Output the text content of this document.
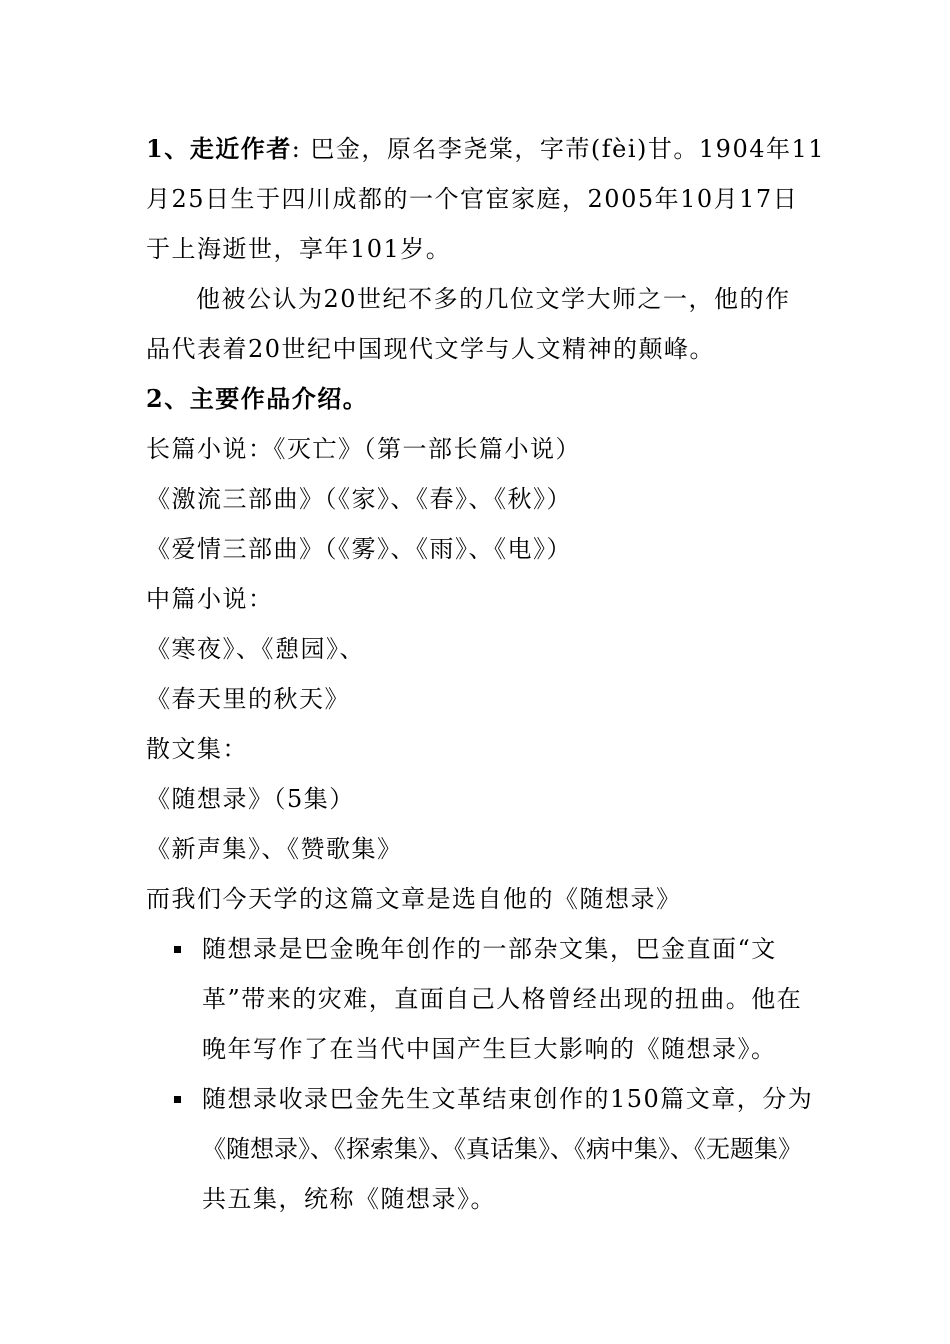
1、走近作者: 巴金，原名李尧棠，字芾(fèi)甘。1904年11
月25日生于四川成都的一个官宦家庭，2005年10月17日
于上海逝世，享年101岁。
他被公认为20世纪不多的几位文学大师之一，他的作
品代表着20世纪中国现代文学与人文精神的颠峰。
2、主要作品介绍。
长篇小说：《灭亡》（第一部长篇小说）
《激流三部曲》（《家》、《春》、《秋》）
《爱情三部曲》（《雾》、《雨》、《电》）
中篇小说：
《寒夜》、《憩园》、
《春天里的秋天》
散文集：
《随想录》（5集）
《新声集》、《赞歌集》
而我们今天学的这篇文章是选自他的《随想录》
随想录是巴金晚年创作的一部杂文集，巴金直面“文
革”带来的灾难，直面自己人格曾经出现的扭曲。他在
晚年写作了在当代中国产生巨大影响的《随想录》。
随想录收录巴金先生文革结束创作的150篇文章，分为
《随想录》、《探索集》、《真话集》、《病中集》、《无题集》
共五集，统称《随想录》。
